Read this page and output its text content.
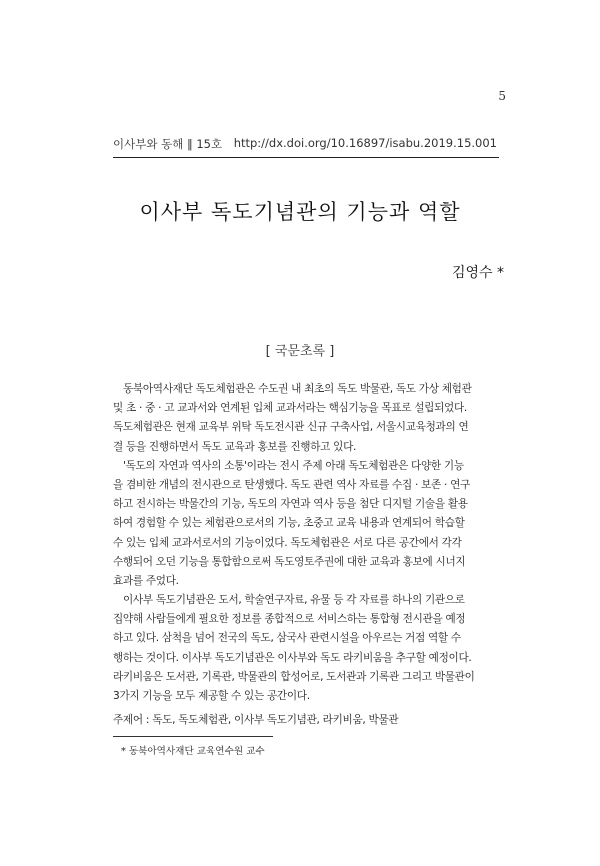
5
이사부와 동해 ‖ 15호 http://dx.doi.org/10.16897/isabu.2019.15.001
이사부 독도기념관의 기능과 역할
김영수 *
[ 국문초록 ]
동북아역사재단 독도체험관은 수도권 내 최초의 독도 박물관, 독도 가상 체험관
및 초 · 중 · 고 교과서와 연계된 입체 교과서라는 핵심기능을 목표로 설립되었다.
독도체험관은 현재 교육부 위탁 독도전시관 신규 구축사업, 서울시교육청과의 연
결 등을 진행하면서 독도 교육과 홍보를 진행하고 있다.
'독도의 자연과 역사의 소통'이라는 전시 주제 아래 독도체험관은 다양한 기능
을 겸비한 개념의 전시관으로 탄생했다. 독도 관련 역사 자료를 수집 · 보존 · 연구
하고 전시하는 박물간의 기능, 독도의 자연과 역사 등을 첨단 디지털 기술을 활용
하여 경험할 수 있는 체험관으로서의 기능, 초중고 교육 내용과 연계되어 학습할
수 있는 입체 교과서로서의 기능이었다. 독도체험관은 서로 다른 공간에서 각각
수행되어 오던 기능을 통합함으로써 독도영토주권에 대한 교육과 홍보에 시너지
효과를 주었다.
이사부 독도기념관은 도서, 학술연구자료, 유물 등 각 자료를 하나의 기관으로
집약해 사람들에게 필요한 정보를 종합적으로 서비스하는 통합형 전시관을 예정
하고 있다. 삼척을 넘어 전국의 독도, 삼국사 관련시설을 아우르는 거점 역할 수
행하는 것이다. 이사부 독도기념관은 이사부와 독도 라키비움을 추구할 예정이다.
라키비움은 도서관, 기록관, 박물관의 합성어로, 도서관과 기록관 그리고 박물관이
3가지 기능을 모두 제공할 수 있는 공간이다.
주제어 : 독도, 독도체험관, 이사부 독도기념관, 라키비움, 박물관
* 동북아역사재단 교육연수원 교수
